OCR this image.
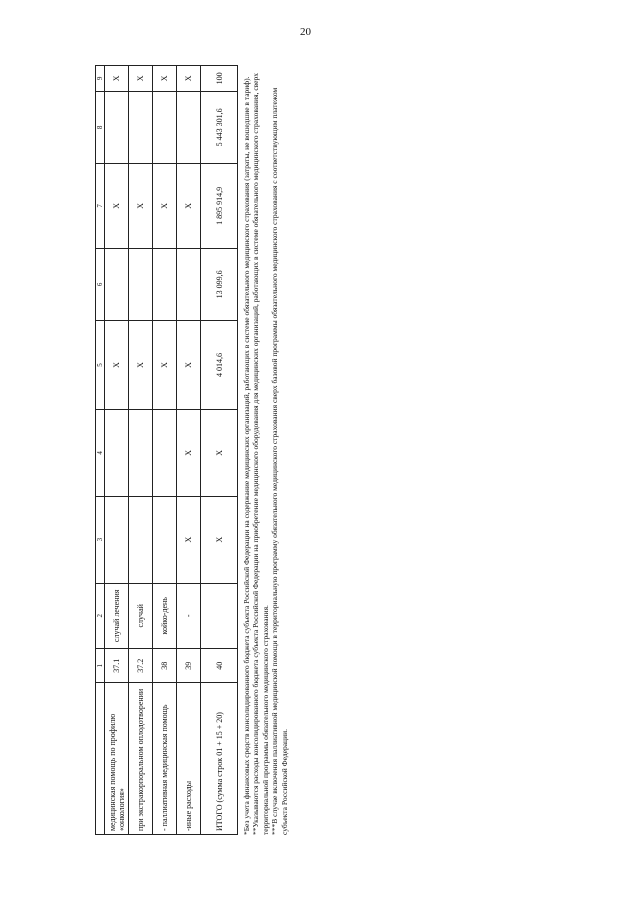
20
	1	2	3	4	5	6	7	8	9
медицинская помощь по профилю «онкология»	37.1	случай лечения			X		X		X
при экстракорпоральном оплодотворении	37.2	случай			X		X		X
- паллиативная медицинская помощь	38	койко-день			X		X		X
-иные расходы	39	-	X	X	X		X		X
ИТОГО (сумма строк 01 + 15 + 20)	40		X	X	4 014,6	13 099,6	1 895 914,9	5 443 301,6	100 *Без учета финансовых средств консолидированного бюджета субъекта Российской Федерации на содержание медицинских организаций, работающих в системе обязательного медицинского страхования (затраты, не вошедшие в тариф). **Указываются расходы консолидированного бюджета субъекта Российской Федерации на приобретение медицинского оборудования для медицинских организаций, работающих в системе обязательного медицинского страхования, сверх территориальной программы обязательного медицинского страхования. ***В случае включения паллиативной медицинской помощи в территориальную программу обязательного медицинского страхования сверх базовой программы обязательного медицинского страхования с соответствующим платежом субъекта Российской Федерации.
